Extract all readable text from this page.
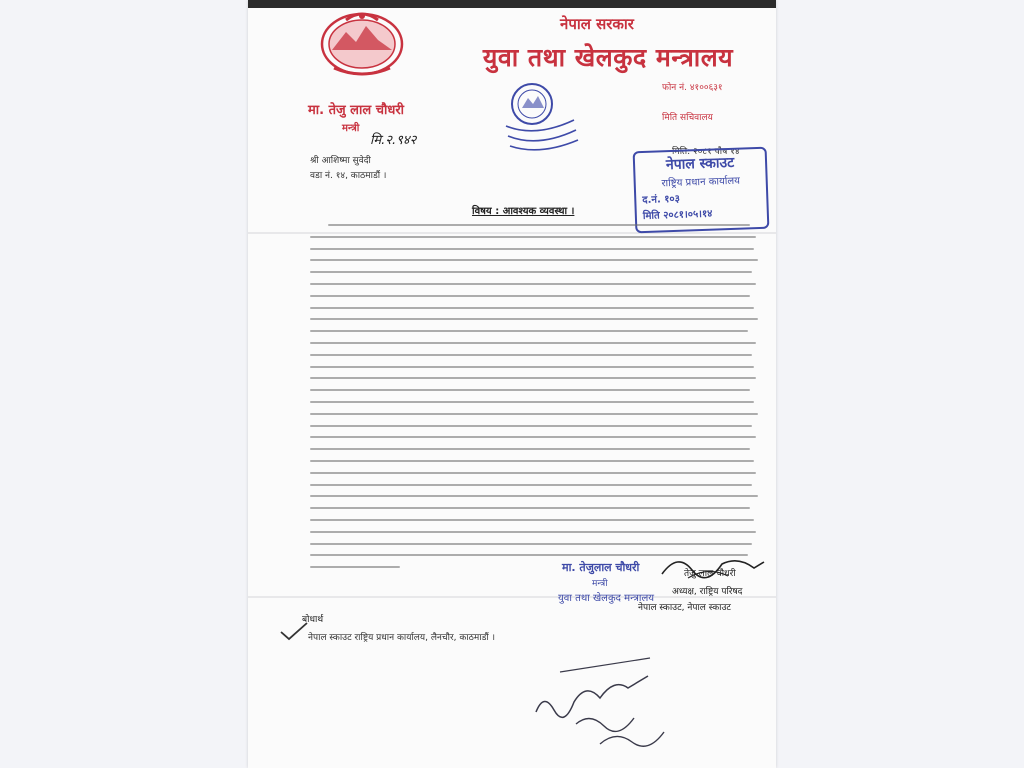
नेपाल सरकार
युवा तथा खेलकुद मन्त्रालय
फोन नं. ४१००६३१
मिति सचिवालय
मा. तेजु लाल चौधरी
मन्त्री
मि.२.९४२
मिति: २०८१ पौष १४
नेपाल स्काउट
राष्ट्रिय प्रधान कार्यालय
द.नं. १०३
मिति २०८१।०५।१४
श्री आशिष्मा सुवेदी
वडा नं. १४, काठमाडौं ।
विषय : आवश्यक व्यवस्था ।
मा. तेजुलाल चौधरी	तेजु लाल चौधरी
मन्त्री
युवा तथा खेलकुद मन्त्रालय
अध्यक्ष, राष्ट्रिय परिषद
नेपाल स्काउट, नेपाल स्काउट
बोधार्थ
नेपाल स्काउट राष्ट्रिय प्रधान कार्यालय, लैनचौर, काठमाडौं ।
